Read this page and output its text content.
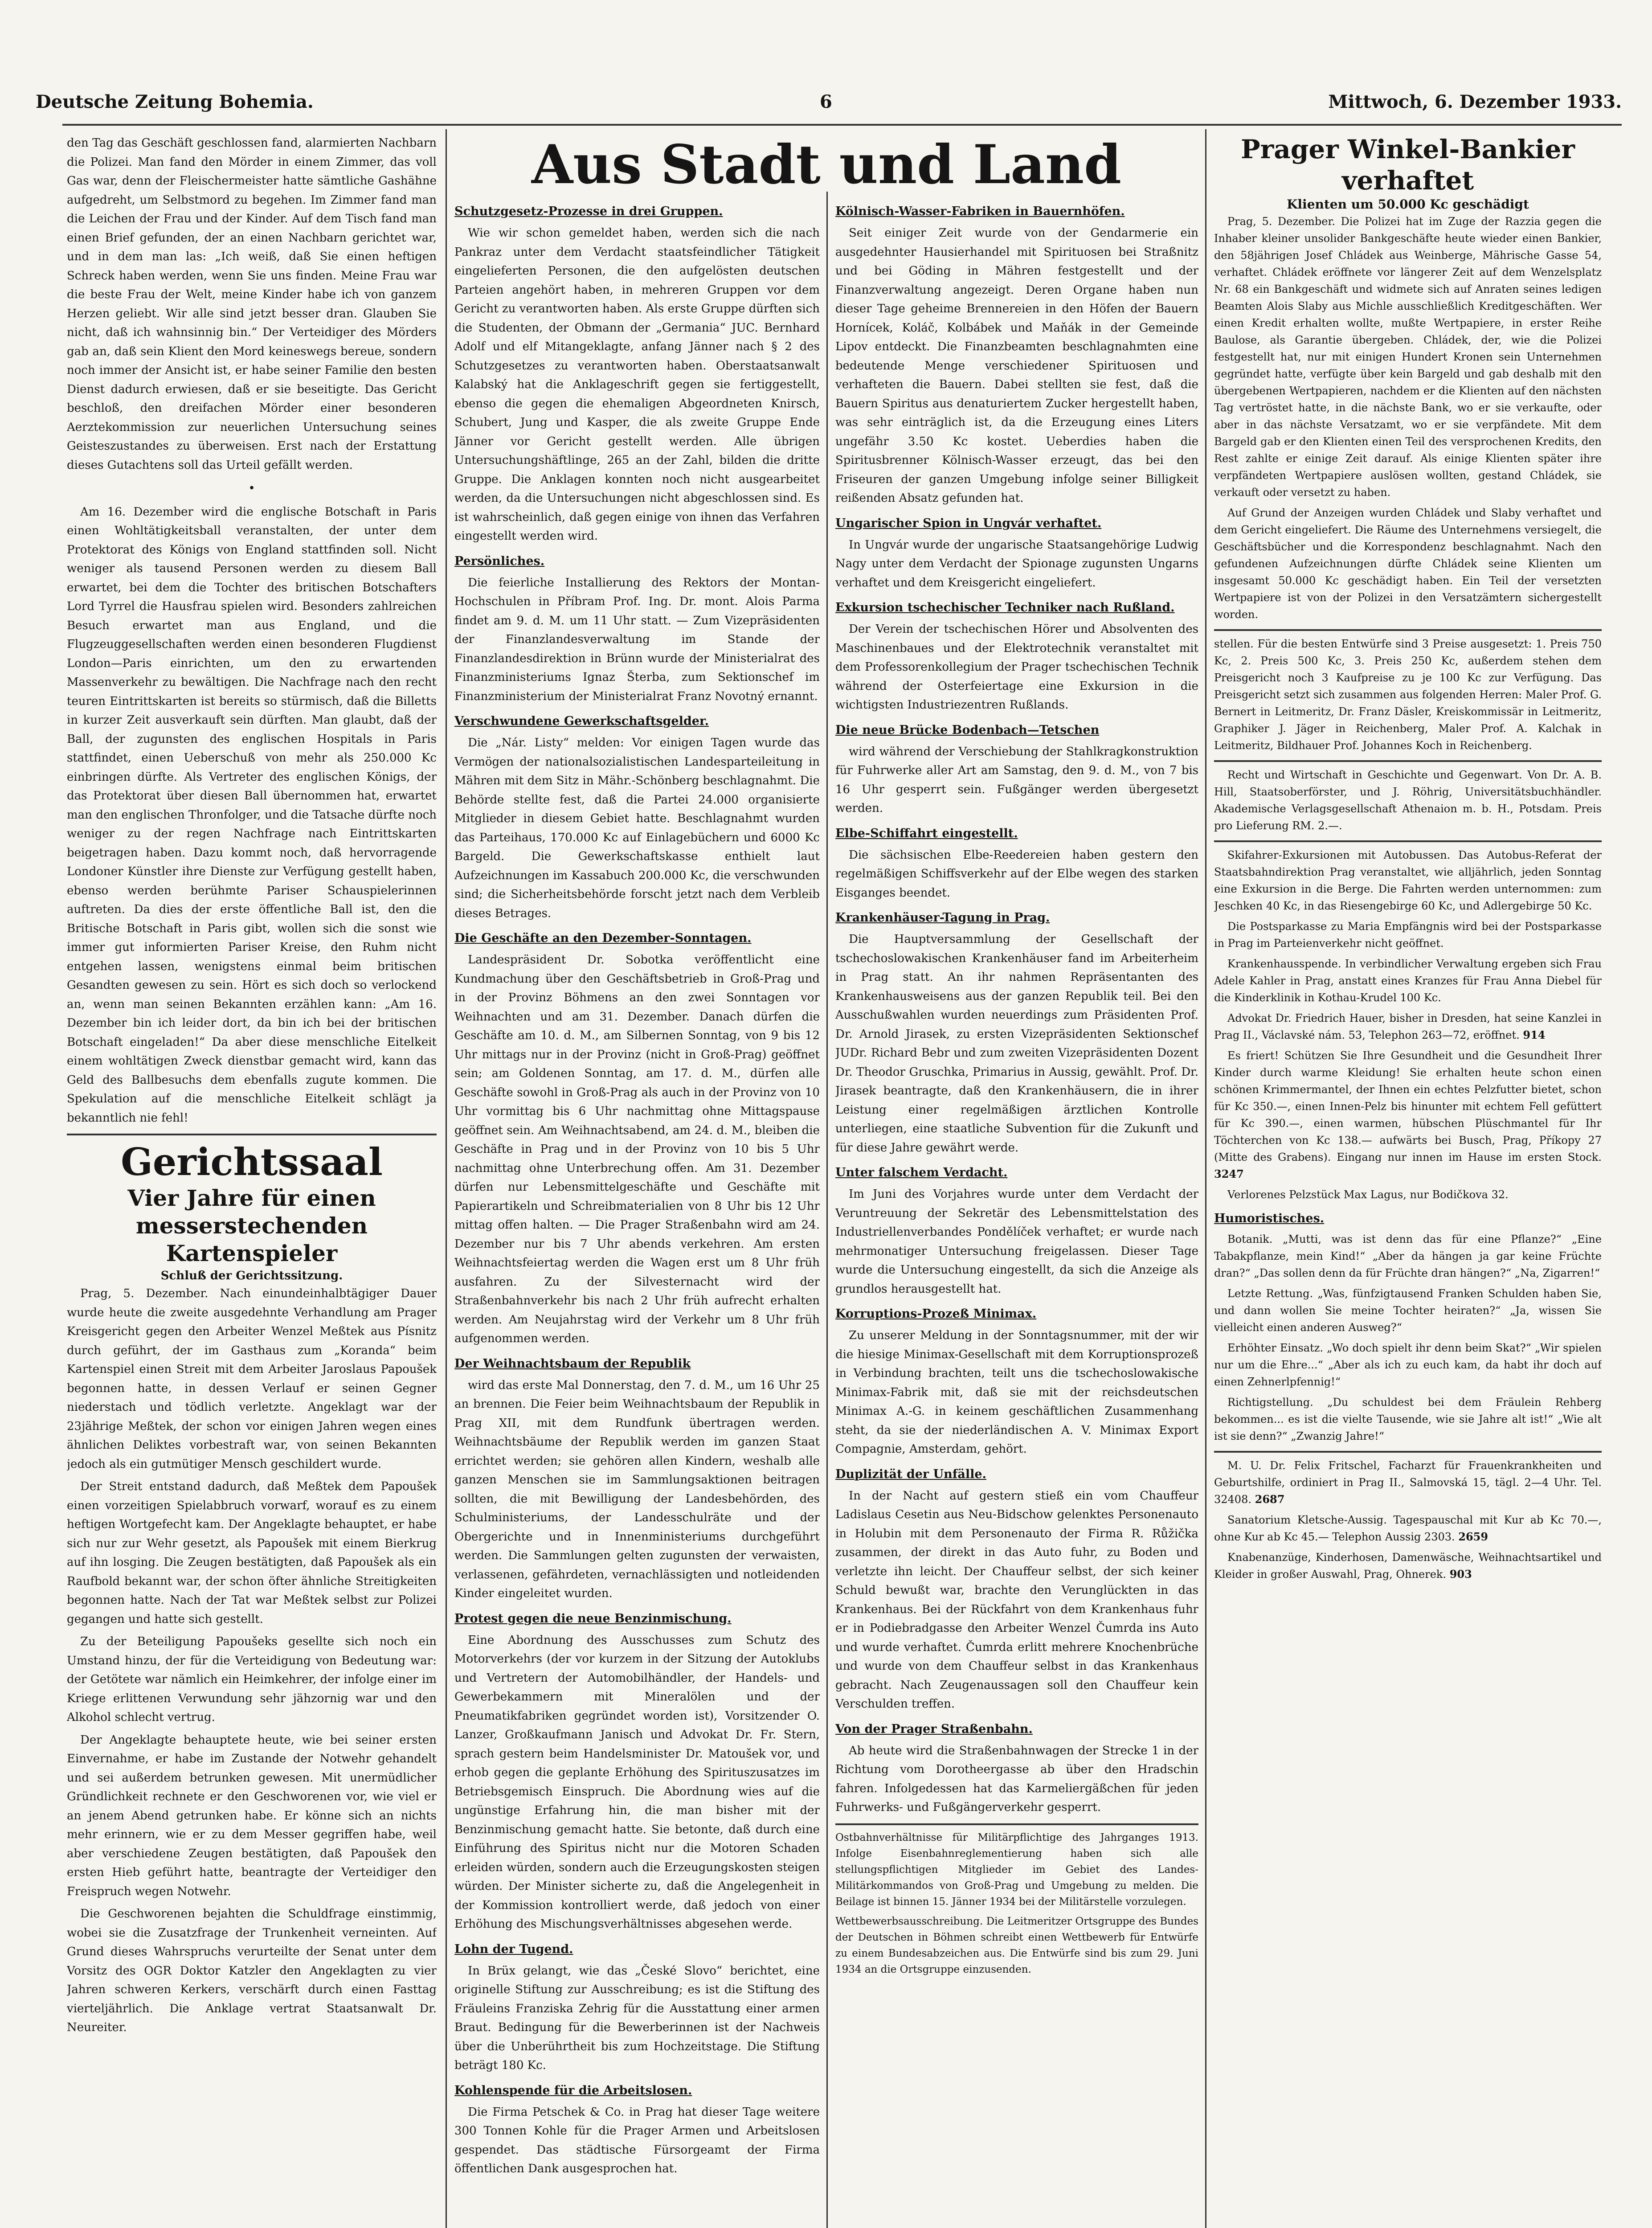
Deutsche Zeitung Bohemia.	6	Mittwoch, 6. Dezember 1933.

den Tag das Geschäft geschlossen fand, alarmierten Nachbarn die Polizei. Man fand den Mörder in einem Zimmer, das voll Gas war, denn der Fleischermeister hatte sämtliche Gashähne aufgedreht, um Selbstmord zu begehen. Im Zimmer fand man die Leichen der Frau und der Kinder. Auf dem Tisch fand man einen Brief gefunden, der an einen Nachbarn gerichtet war, und in dem man las: „Ich weiß, daß Sie einen heftigen Schreck haben werden, wenn Sie uns finden. Meine Frau war die beste Frau der Welt, meine Kinder habe ich von ganzem Herzen geliebt. Wir alle sind jetzt besser dran. Glauben Sie nicht, daß ich wahnsinnig bin.“ Der Verteidiger des Mörders gab an, daß sein Klient den Mord keineswegs bereue, sondern noch immer der Ansicht ist, er habe seiner Familie den besten Dienst dadurch erwiesen, daß er sie beseitigte. Das Gericht beschloß, den dreifachen Mörder einer besonderen Aerztekommission zur neuerlichen Untersuchung seines Geisteszustandes zu überweisen. Erst nach der Erstattung dieses Gutachtens soll das Urteil gefällt werden.

•

Am 16. Dezember wird die englische Botschaft in Paris einen Wohltätigkeitsball veranstalten, der unter dem Protektorat des Königs von England stattfinden soll. Nicht weniger als tausend Personen werden zu diesem Ball erwartet, bei dem die Tochter des britischen Botschafters Lord Tyrrel die Hausfrau spielen wird. Besonders zahlreichen Besuch erwartet man aus England, und die Flugzeuggesellschaften werden einen besonderen Flugdienst London—Paris einrichten, um den zu erwartenden Massenverkehr zu bewältigen. Die Nachfrage nach den recht teuren Eintrittskarten ist bereits so stürmisch, daß die Billetts in kurzer Zeit ausverkauft sein dürften. Man glaubt, daß der Ball, der zugunsten des englischen Hospitals in Paris stattfindet, einen Ueberschuß von mehr als 250.000 Kc einbringen dürfte. Als Vertreter des englischen Königs, der das Protektorat über diesen Ball übernommen hat, erwartet man den englischen Thronfolger, und die Tatsache dürfte noch weniger zu der regen Nachfrage nach Eintrittskarten beigetragen haben. Dazu kommt noch, daß hervorragende Londoner Künstler ihre Dienste zur Verfügung gestellt haben, ebenso werden berühmte Pariser Schauspielerinnen auftreten. Da dies der erste öffentliche Ball ist, den die Britische Botschaft in Paris gibt, wollen sich die sonst wie immer gut informierten Pariser Kreise, den Ruhm nicht entgehen lassen, wenigstens einmal beim britischen Gesandten gewesen zu sein. Hört es sich doch so verlockend an, wenn man seinen Bekannten erzählen kann: „Am 16. Dezember bin ich leider dort, da bin ich bei der britischen Botschaft eingeladen!“ Da aber diese menschliche Eitelkeit einem wohltätigen Zweck dienstbar gemacht wird, kann das Geld des Ballbesuchs dem ebenfalls zugute kommen. Die Spekulation auf die menschliche Eitelkeit schlägt ja bekanntlich nie fehl!

Gerichtssaal
Vier Jahre für einen messerstechenden Kartenspieler
Schluß der Gerichtssitzung.

Prag, 5. Dezember. Nach einundeinhalbtägiger Dauer wurde heute die zweite ausgedehnte Verhandlung am Prager Kreisgericht gegen den Arbeiter Wenzel Meßtek aus Písnitz durch geführt, der im Gasthaus zum „Koranda“ beim Kartenspiel einen Streit mit dem Arbeiter Jaroslaus Papoušek begonnen hatte, in dessen Verlauf er seinen Gegner niederstach und tödlich verletzte. Angeklagt war der 23jährige Meßtek, der schon vor einigen Jahren wegen eines ähnlichen Deliktes vorbestraft war, von seinen Bekannten jedoch als ein gutmütiger Mensch geschildert wurde.

Der Streit entstand dadurch, daß Meßtek dem Papoušek einen vorzeitigen Spielabbruch vorwarf, worauf es zu einem heftigen Wortgefecht kam. Der Angeklagte behauptet, er habe sich nur zur Wehr gesetzt, als Papoušek mit einem Bierkrug auf ihn losging. Die Zeugen bestätigten, daß Papoušek als ein Raufbold bekannt war, der schon öfter ähnliche Streitigkeiten begonnen hatte. Nach der Tat war Meßtek selbst zur Polizei gegangen und hatte sich gestellt.

Zu der Beteiligung Papoušeks gesellte sich noch ein Umstand hinzu, der für die Verteidigung von Bedeutung war: der Getötete war nämlich ein Heimkehrer, der infolge einer im Kriege erlittenen Verwundung sehr jähzornig war und den Alkohol schlecht vertrug.

Der Angeklagte behauptete heute, wie bei seiner ersten Einvernahme, er habe im Zustande der Notwehr gehandelt und sei außerdem betrunken gewesen. Mit unermüdlicher Gründlichkeit rechnete er den Geschworenen vor, wie viel er an jenem Abend getrunken habe. Er könne sich an nichts mehr erinnern, wie er zu dem Messer gegriffen habe, weil aber verschiedene Zeugen bestätigten, daß Papoušek den ersten Hieb geführt hatte, beantragte der Verteidiger den Freispruch wegen Notwehr.

Die Geschworenen bejahten die Schuldfrage einstimmig, wobei sie die Zusatzfrage der Trunkenheit verneinten. Auf Grund dieses Wahrspruchs verurteilte der Senat unter dem Vorsitz des OGR Doktor Katzler den Angeklagten zu vier Jahren schweren Kerkers, verschärft durch einen Fasttag vierteljährlich. Die Anklage vertrat Staatsanwalt Dr. Neureiter.

Aus Stadt und Land
Schutzgesetz-Prozesse in drei Gruppen.

Wie wir schon gemeldet haben, werden sich die nach Pankraz unter dem Verdacht staatsfeindlicher Tätigkeit eingelieferten Personen, die den aufgelösten deutschen Parteien angehört haben, in mehreren Gruppen vor dem Gericht zu verantworten haben. Als erste Gruppe dürften sich die Studenten, der Obmann der „Germania“ JUC. Bernhard Adolf und elf Mitangeklagte, anfang Jänner nach § 2 des Schutzgesetzes zu verantworten haben. Oberstaatsanwalt Kalabský hat die Anklageschrift gegen sie fertiggestellt, ebenso die gegen die ehemaligen Abgeordneten Knirsch, Schubert, Jung und Kasper, die als zweite Gruppe Ende Jänner vor Gericht gestellt werden. Alle übrigen Untersuchungshäftlinge, 265 an der Zahl, bilden die dritte Gruppe. Die Anklagen konnten noch nicht ausgearbeitet werden, da die Untersuchungen nicht abgeschlossen sind. Es ist wahrscheinlich, daß gegen einige von ihnen das Verfahren eingestellt werden wird.

Persönliches.

Die feierliche Installierung des Rektors der Montan-Hochschulen in Příbram Prof. Ing. Dr. mont. Alois Parma findet am 9. d. M. um 11 Uhr statt. — Zum Vizepräsidenten der Finanzlandesverwaltung im Stande der Finanzlandesdirektion in Brünn wurde der Ministerialrat des Finanzministeriums Ignaz Šterba, zum Sektionschef im Finanzministerium der Ministerialrat Franz Novotný ernannt.

Verschwundene Gewerkschaftsgelder.

Die „Nár. Listy“ melden: Vor einigen Tagen wurde das Vermögen der nationalsozialistischen Landesparteileitung in Mähren mit dem Sitz in Mähr.-Schönberg beschlagnahmt. Die Behörde stellte fest, daß die Partei 24.000 organisierte Mitglieder in diesem Gebiet hatte. Beschlagnahmt wurden das Parteihaus, 170.000 Kc auf Einlagebüchern und 6000 Kc Bargeld. Die Gewerkschaftskasse enthielt laut Aufzeichnungen im Kassabuch 200.000 Kc, die verschwunden sind; die Sicherheitsbehörde forscht jetzt nach dem Verbleib dieses Betrages.

Die Geschäfte an den Dezember-Sonntagen.

Landespräsident Dr. Sobotka veröffentlicht eine Kundmachung über den Geschäftsbetrieb in Groß-Prag und in der Provinz Böhmens an den zwei Sonntagen vor Weihnachten und am 31. Dezember. Danach dürfen die Geschäfte am 10. d. M., am Silbernen Sonntag, von 9 bis 12 Uhr mittags nur in der Provinz (nicht in Groß-Prag) geöffnet sein; am Goldenen Sonntag, am 17. d. M., dürfen alle Geschäfte sowohl in Groß-Prag als auch in der Provinz von 10 Uhr vormittag bis 6 Uhr nachmittag ohne Mittagspause geöffnet sein. Am Weihnachtsabend, am 24. d. M., bleiben die Geschäfte in Prag und in der Provinz von 10 bis 5 Uhr nachmittag ohne Unterbrechung offen. Am 31. Dezember dürfen nur Lebensmittelgeschäfte und Geschäfte mit Papierartikeln und Schreibmaterialien von 8 Uhr bis 12 Uhr mittag offen halten. — Die Prager Straßenbahn wird am 24. Dezember nur bis 7 Uhr abends verkehren. Am ersten Weihnachtsfeiertag werden die Wagen erst um 8 Uhr früh ausfahren. Zu der Silvesternacht wird der Straßenbahnverkehr bis nach 2 Uhr früh aufrecht erhalten werden. Am Neujahrstag wird der Verkehr um 8 Uhr früh aufgenommen werden.

Der Weihnachtsbaum der Republik

wird das erste Mal Donnerstag, den 7. d. M., um 16 Uhr 25 an brennen. Die Feier beim Weihnachtsbaum der Republik in Prag XII, mit dem Rundfunk übertragen werden. Weihnachtsbäume der Republik werden im ganzen Staat errichtet werden; sie gehören allen Kindern, weshalb alle ganzen Menschen sie im Sammlungsaktionen beitragen sollten, die mit Bewilligung der Landesbehörden, des Schulministeriums, der Landesschulräte und der Obergerichte und in Innenministeriums durchgeführt werden. Die Sammlungen gelten zugunsten der verwaisten, verlassenen, gefährdeten, vernachlässigten und notleidenden Kinder eingeleitet wurden.

Protest gegen die neue Benzinmischung.

Eine Abordnung des Ausschusses zum Schutz des Motorverkehrs (der vor kurzem in der Sitzung der Autoklubs und Vertretern der Automobilhändler, der Handels- und Gewerbekammern mit Mineralölen und der Pneumatikfabriken gegründet worden ist), Vorsitzender O. Lanzer, Großkaufmann Janisch und Advokat Dr. Fr. Stern, sprach gestern beim Handelsminister Dr. Matoušek vor, und erhob gegen die geplante Erhöhung des Spirituszusatzes im Betriebsgemisch Einspruch. Die Abordnung wies auf die ungünstige Erfahrung hin, die man bisher mit der Benzinmischung gemacht hatte. Sie betonte, daß durch eine Einführung des Spiritus nicht nur die Motoren Schaden erleiden würden, sondern auch die Erzeugungskosten steigen würden. Der Minister sicherte zu, daß die Angelegenheit in der Kommission kontrolliert werde, daß jedoch von einer Erhöhung des Mischungsverhältnisses abgesehen werde.

Lohn der Tugend.

In Brüx gelangt, wie das „České Slovo“ berichtet, eine originelle Stiftung zur Ausschreibung; es ist die Stiftung des Fräuleins Franziska Zehrig für die Ausstattung einer armen Braut. Bedingung für die Bewerberinnen ist der Nachweis über die Unberührtheit bis zum Hochzeitstage. Die Stiftung beträgt 180 Kc.

Kohlenspende für die Arbeitslosen.

Die Firma Petschek & Co. in Prag hat dieser Tage weitere 300 Tonnen Kohle für die Prager Armen und Arbeitslosen gespendet. Das städtische Fürsorgeamt der Firma öffentlichen Dank ausgesprochen hat.

Kölnisch-Wasser-Fabriken in Bauernhöfen.

Seit einiger Zeit wurde von der Gendarmerie ein ausgedehnter Hausierhandel mit Spirituosen bei Straßnitz und bei Göding in Mähren festgestellt und der Finanzverwaltung angezeigt. Deren Organe haben nun dieser Tage geheime Brennereien in den Höfen der Bauern Hornícek, Koláč, Kolbábek und Maňák in der Gemeinde Lipov entdeckt. Die Finanzbeamten beschlagnahmten eine bedeutende Menge verschiedener Spirituosen und verhafteten die Bauern. Dabei stellten sie fest, daß die Bauern Spiritus aus denaturiertem Zucker hergestellt haben, was sehr einträglich ist, da die Erzeugung eines Liters ungefähr 3.50 Kc kostet. Ueberdies haben die Spiritusbrenner Kölnisch-Wasser erzeugt, das bei den Friseuren der ganzen Umgebung infolge seiner Billigkeit reißenden Absatz gefunden hat.

Ungarischer Spion in Ungvár verhaftet.

In Ungvár wurde der ungarische Staatsangehörige Ludwig Nagy unter dem Verdacht der Spionage zugunsten Ungarns verhaftet und dem Kreisgericht eingeliefert.

Exkursion tschechischer Techniker nach Rußland.

Der Verein der tschechischen Hörer und Absolventen des Maschinenbaues und der Elektrotechnik veranstaltet mit dem Professorenkollegium der Prager tschechischen Technik während der Osterfeiertage eine Exkursion in die wichtigsten Industriezentren Rußlands.

Die neue Brücke Bodenbach—Tetschen

wird während der Verschiebung der Stahlkragkonstruktion für Fuhrwerke aller Art am Samstag, den 9. d. M., von 7 bis 16 Uhr gesperrt sein. Fußgänger werden übergesetzt werden.

Elbe-Schiffahrt eingestellt.

Die sächsischen Elbe-Reedereien haben gestern den regelmäßigen Schiffsverkehr auf der Elbe wegen des starken Eisganges beendet.

Krankenhäuser-Tagung in Prag.

Die Hauptversammlung der Gesellschaft der tschechoslowakischen Krankenhäuser fand im Arbeiterheim in Prag statt. An ihr nahmen Repräsentanten des Krankenhausweisens aus der ganzen Republik teil. Bei den Ausschußwahlen wurden neuerdings zum Präsidenten Prof. Dr. Arnold Jirasek, zu ersten Vizepräsidenten Sektionschef JUDr. Richard Bebr und zum zweiten Vizepräsidenten Dozent Dr. Theodor Gruschka, Primarius in Aussig, gewählt. Prof. Dr. Jirasek beantragte, daß den Krankenhäusern, die in ihrer Leistung einer regelmäßigen ärztlichen Kontrolle unterliegen, eine staatliche Subvention für die Zukunft und für diese Jahre gewährt werde.

Unter falschem Verdacht.

Im Juni des Vorjahres wurde unter dem Verdacht der Veruntreuung der Sekretär des Lebensmittelstation des Industriellenverbandes Pondělíček verhaftet; er wurde nach mehrmonatiger Untersuchung freigelassen. Dieser Tage wurde die Untersuchung eingestellt, da sich die Anzeige als grundlos herausgestellt hat.

Korruptions-Prozeß Minimax.

Zu unserer Meldung in der Sonntagsnummer, mit der wir die hiesige Minimax-Gesellschaft mit dem Korruptionsprozeß in Verbindung brachten, teilt uns die tschechoslowakische Minimax-Fabrik mit, daß sie mit der reichsdeutschen Minimax A.-G. in keinem geschäftlichen Zusammenhang steht, da sie der niederländischen A. V. Minimax Export Compagnie, Amsterdam, gehört.

Duplizität der Unfälle.

In der Nacht auf gestern stieß ein vom Chauffeur Ladislaus Cesetin aus Neu-Bidschow gelenktes Personenauto in Holubin mit dem Personenauto der Firma R. Růžička zusammen, der direkt in das Auto fuhr, zu Boden und verletzte ihn leicht. Der Chauffeur selbst, der sich keiner Schuld bewußt war, brachte den Verunglückten in das Krankenhaus. Bei der Rückfahrt von dem Krankenhaus fuhr er in Podiebradgasse den Arbeiter Wenzel Čumrda ins Auto und wurde verhaftet. Čumrda erlitt mehrere Knochenbrüche und wurde von dem Chauffeur selbst in das Krankenhaus gebracht. Nach Zeugenaussagen soll den Chauffeur kein Verschulden treffen.

Von der Prager Straßenbahn.

Ab heute wird die Straßenbahnwagen der Strecke 1 in der Richtung vom Dorotheergasse ab über den Hradschin fahren. Infolgedessen hat das Karmeliergäßchen für jeden Fuhrwerks- und Fußgängerverkehr gesperrt.

Ostbahnverhältnisse für Militärpflichtige des Jahrganges 1913. Infolge Eisenbahnreglementierung haben sich alle stellungspflichtigen Mitglieder im Gebiet des Landes-Militärkommandos von Groß-Prag und Umgebung zu melden. Die Beilage ist binnen 15. Jänner 1934 bei der Militärstelle vorzulegen.

Wettbewerbsausschreibung. Die Leitmeritzer Ortsgruppe des Bundes der Deutschen in Böhmen schreibt einen Wettbewerb für Entwürfe zu einem Bundesabzeichen aus. Die Entwürfe sind bis zum 29. Juni 1934 an die Ortsgruppe einzusenden.

Prager Winkel-Bankier verhaftet
Klienten um 50.000 Kc geschädigt

Prag, 5. Dezember. Die Polizei hat im Zuge der Razzia gegen die Inhaber kleiner unsolider Bankgeschäfte heute wieder einen Bankier, den 58jährigen Josef Chládek aus Weinberge, Mährische Gasse 54, verhaftet. Chládek eröffnete vor längerer Zeit auf dem Wenzelsplatz Nr. 68 ein Bankgeschäft und widmete sich auf Anraten seines ledigen Beamten Alois Slaby aus Michle ausschließlich Kreditgeschäften. Wer einen Kredit erhalten wollte, mußte Wertpapiere, in erster Reihe Baulose, als Garantie übergeben. Chládek, der, wie die Polizei festgestellt hat, nur mit einigen Hundert Kronen sein Unternehmen gegründet hatte, verfügte über kein Bargeld und gab deshalb mit den übergebenen Wertpapieren, nachdem er die Klienten auf den nächsten Tag vertröstet hatte, in die nächste Bank, wo er sie verkaufte, oder aber in das nächste Versatzamt, wo er sie verpfändete. Mit dem Bargeld gab er den Klienten einen Teil des versprochenen Kredits, den Rest zahlte er einige Zeit darauf. Als einige Klienten später ihre verpfändeten Wertpapiere auslösen wollten, gestand Chládek, sie verkauft oder versetzt zu haben.

Auf Grund der Anzeigen wurden Chládek und Slaby verhaftet und dem Gericht eingeliefert. Die Räume des Unternehmens versiegelt, die Geschäftsbücher und die Korrespondenz beschlagnahmt. Nach den gefundenen Aufzeichnungen dürfte Chládek seine Klienten um insgesamt 50.000 Kc geschädigt haben. Ein Teil der versetzten Wertpapiere ist von der Polizei in den Versatzämtern sichergestellt worden.

stellen. Für die besten Entwürfe sind 3 Preise ausgesetzt: 1. Preis 750 Kc, 2. Preis 500 Kc, 3. Preis 250 Kc, außerdem stehen dem Preisgericht noch 3 Kaufpreise zu je 100 Kc zur Verfügung. Das Preisgericht setzt sich zusammen aus folgenden Herren: Maler Prof. G. Bernert in Leitmeritz, Dr. Franz Däsler, Kreiskommissär in Leitmeritz, Graphiker J. Jäger in Reichenberg, Maler Prof. A. Kalchak in Leitmeritz, Bildhauer Prof. Johannes Koch in Reichenberg.

Recht und Wirtschaft in Geschichte und Gegenwart. Von Dr. A. B. Hill, Staatsoberförster, und J. Röhrig, Universitätsbuchhändler. Akademische Verlagsgesellschaft Athenaion m. b. H., Potsdam. Preis pro Lieferung RM. 2.—.

Skifahrer-Exkursionen mit Autobussen. Das Autobus-Referat der Staatsbahndirektion Prag veranstaltet, wie alljährlich, jeden Sonntag eine Exkursion in die Berge. Die Fahrten werden unternommen: zum Jeschken 40 Kc, in das Riesengebirge 60 Kc, und Adlergebirge 50 Kc.

Die Postsparkasse zu Maria Empfängnis wird bei der Postsparkasse in Prag im Parteienverkehr nicht geöffnet.

Krankenhausspende. In verbindlicher Verwaltung ergeben sich Frau Adele Kahler in Prag, anstatt eines Kranzes für Frau Anna Diebel für die Kinderklinik in Kothau-Krudel 100 Kc.

Advokat Dr. Friedrich Hauer, bisher in Dresden, hat seine Kanzlei in Prag II., Václavské nám. 53, Telephon 263—72, eröffnet. 914

Es friert! Schützen Sie Ihre Gesundheit und die Gesundheit Ihrer Kinder durch warme Kleidung! Sie erhalten heute schon einen schönen Krimmermantel, der Ihnen ein echtes Pelzfutter bietet, schon für Kc 350.—, einen Innen-Pelz bis hinunter mit echtem Fell gefüttert für Kc 390.—, einen warmen, hübschen Plüschmantel für Ihr Töchterchen von Kc 138.— aufwärts bei Busch, Prag, Příkopy 27 (Mitte des Grabens). Eingang nur innen im Hause im ersten Stock. 3247

Verlorenes Pelzstück Max Lagus, nur Bodičkova 32.

Humoristisches.

Botanik. „Mutti, was ist denn das für eine Pflanze?“ „Eine Tabakpflanze, mein Kind!“ „Aber da hängen ja gar keine Früchte dran?“ „Das sollen denn da für Früchte dran hängen?“ „Na, Zigarren!“

Letzte Rettung. „Was, fünfzigtausend Franken Schulden haben Sie, und dann wollen Sie meine Tochter heiraten?“ „Ja, wissen Sie vielleicht einen anderen Ausweg?“

Erhöhter Einsatz. „Wo doch spielt ihr denn beim Skat?“ „Wir spielen nur um die Ehre...“ „Aber als ich zu euch kam, da habt ihr doch auf einen Zehnerlpfennig!“

Richtigstellung. „Du schuldest bei dem Fräulein Rehberg bekommen... es ist die vielte Tausende, wie sie Jahre alt ist!“ „Wie alt ist sie denn?“ „Zwanzig Jahre!“

M. U. Dr. Felix Fritschel, Facharzt für Frauenkrankheiten und Geburtshilfe, ordiniert in Prag II., Salmovská 15, tägl. 2—4 Uhr. Tel. 32408. 2687

Sanatorium Kletsche-Aussig. Tagespauschal mit Kur ab Kc 70.—, ohne Kur ab Kc 45.— Telephon Aussig 2303. 2659

Knabenanzüge, Kinderhosen, Damenwäsche, Weihnachtsartikel und Kleider in großer Auswahl, Prag, Ohnerek. 903
